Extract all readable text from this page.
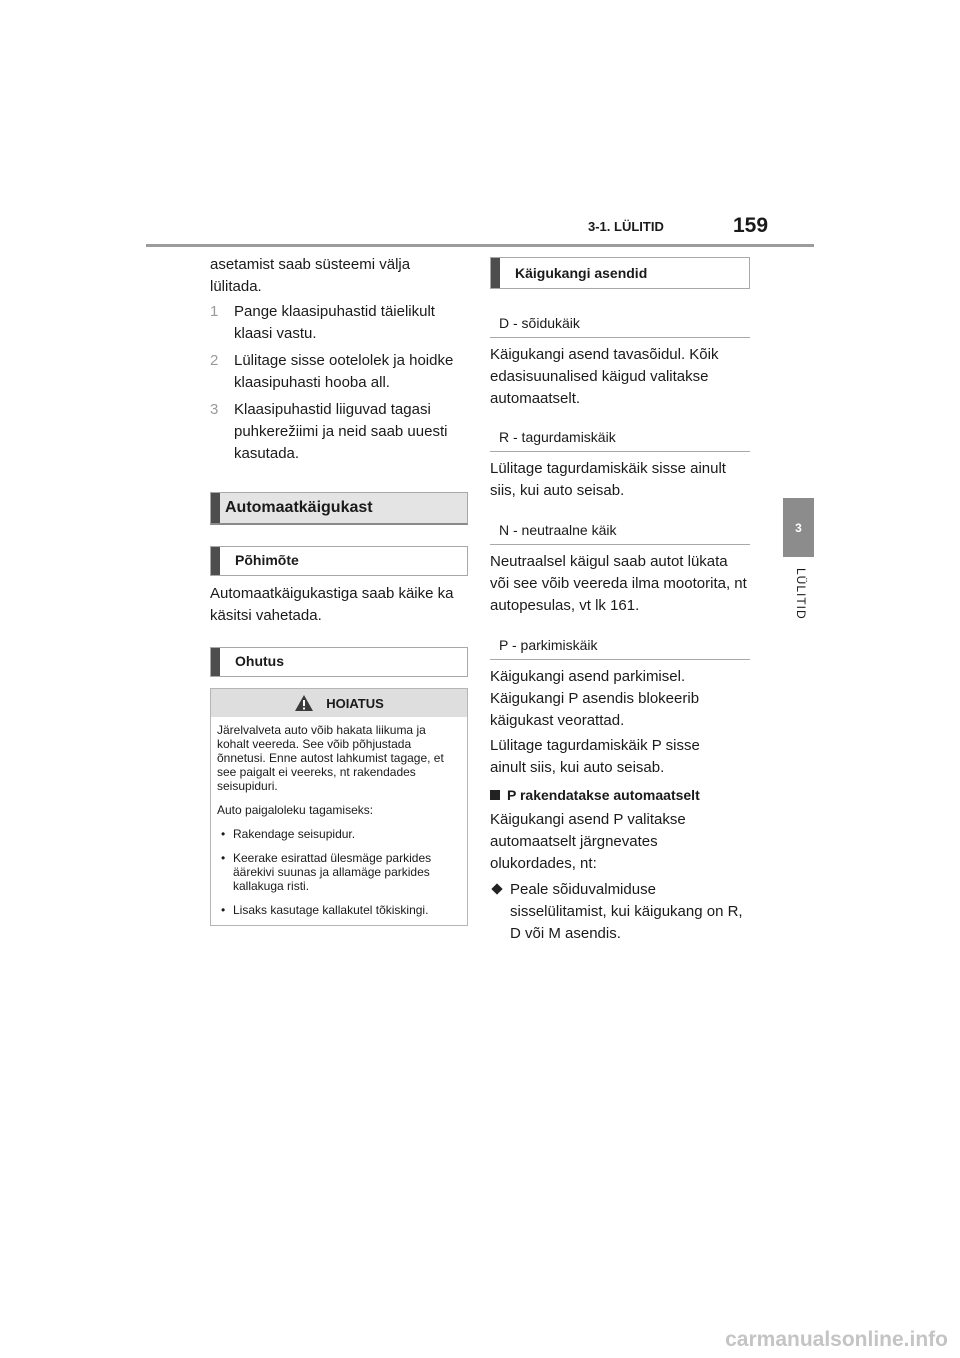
3-1. LÜLITID	159
3
LÜLITID

asetamist saab süsteemi välja lülitada.

1 Pange klaasipuhastid täielikult klaasi vastu.
2 Lülitage sisse ootelolek ja hoidke klaasipuhasti hooba all.
3 Klaasipuhastid liiguvad tagasi puhkerežiimi ja neid saab uuesti kasutada.
Automaatkäigukast
Põhimõte

Automaatkäigukastiga saab käike ka käsitsi vahetada.

Ohutus
HOIATUS

Järelvalveta auto võib hakata liikuma ja kohalt veereda. See võib põhjustada õnnetusi. Enne autost lahkumist tagage, et see paigalt ei veereks, nt rakendades seisupiduri.

Auto paigaloleku tagamiseks:

• Rakendage seisupidur.
• Keerake esirattad ülesmäge parkides äärekivi suunas ja allamäge parkides kallakuga risti.
• Lisaks kasutage kallakutel tõkiskingi.
Käigukangi asendid
D - sõidukäik

Käigukangi asend tavasõidul. Kõik edasisuunalised käigud valitakse automaatselt.

R - tagurdamiskäik

Lülitage tagurdamiskäik sisse ainult siis, kui auto seisab.

N - neutraalne käik

Neutraalsel käigul saab autot lükata või see võib veereda ilma mootorita, nt autopesulas, vt lk 161.

P - parkimiskäik

Käigukangi asend parkimisel. Käigukangi P asendis blokeerib käigukast veorattad.

Lülitage tagurdamiskäik P sisse ainult siis, kui auto seisab.

P rakendatakse automaatselt

Käigukangi asend P valitakse automaatselt järgnevates olukordades, nt:

Peale sõiduvalmiduse sisselülitamist, kui käigukang on R, D või M asendis.
carmanualsonline.info
